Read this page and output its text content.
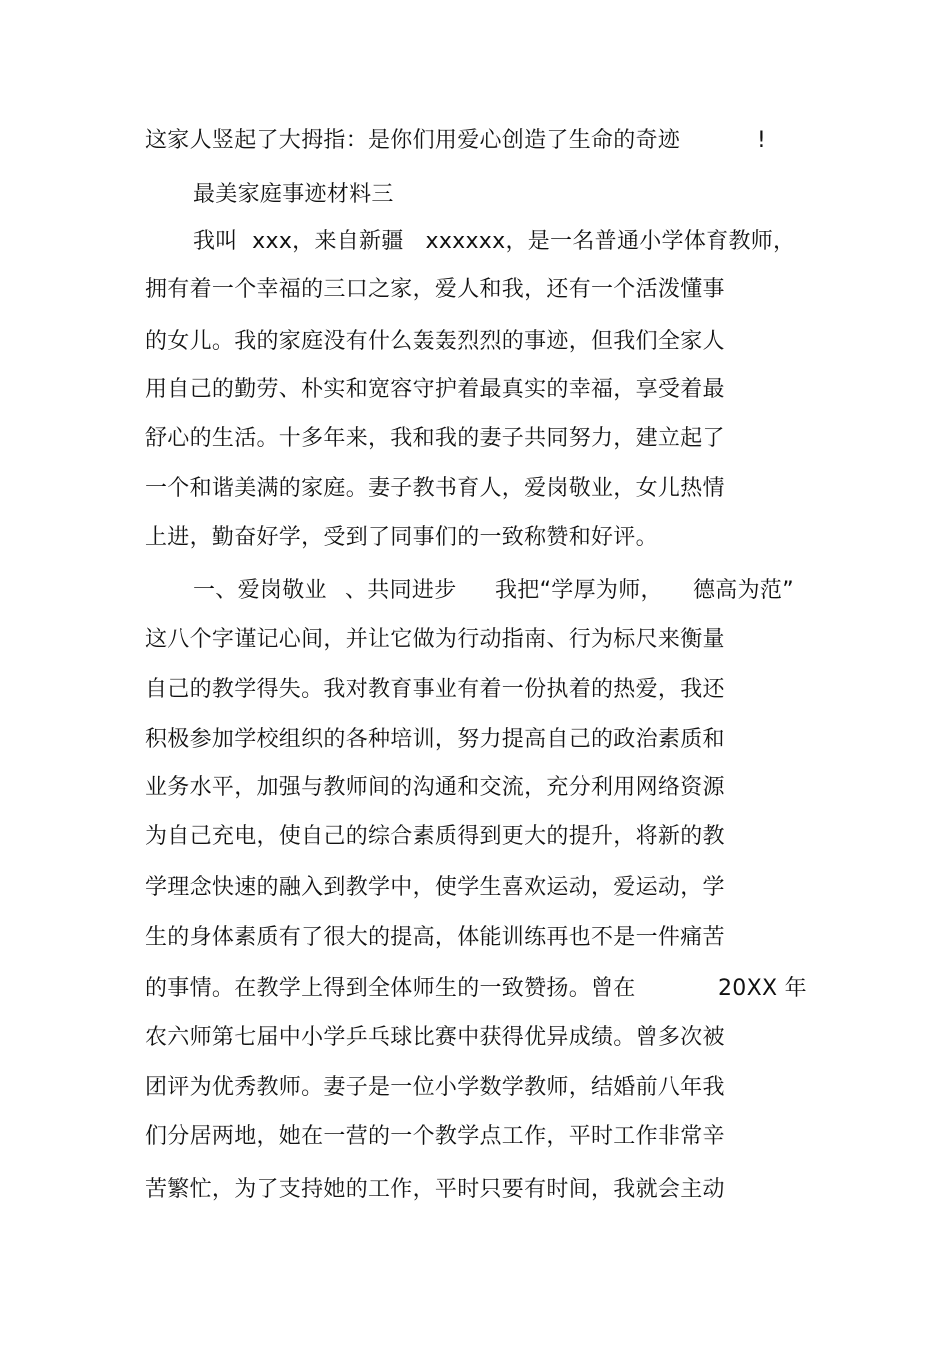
这家人竖起了大拇指：是你们用爱心创造了生命的奇迹

	!

最美家庭事迹材料三

我叫  xxx，来自新疆   xxxxxx，是一名普通小学体育教师，

拥有着一个幸福的三口之家，爱人和我，还有一个活泼懂事

的女儿。我的家庭没有什么轰轰烈烈的事迹，但我们全家人

用自己的勤劳、朴实和宽容守护着最真实的幸福，享受着最

舒心的生活。十多年来，我和我的妻子共同努力，建立起了

一个和谐美满的家庭。妻子教书育人，爱岗敬业，女儿热情

上进，勤奋好学，受到了同事们的一致称赞和好评。

一、爱岗敬业

、共同进步

我把“学厚为师，

德高为范”

这八个字谨记心间，并让它做为行动指南、行为标尺来衡量

自己的教学得失。我对教育事业有着一份执着的热爱，我还

积极参加学校组织的各种培训，努力提高自己的政治素质和

业务水平，加强与教师间的沟通和交流，充分利用网络资源

为自己充电，使自己的综合素质得到更大的提升，将新的教

学理念快速的融入到教学中，使学生喜欢运动，爱运动，学

生的身体素质有了很大的提高，体能训练再也不是一件痛苦

的事情。在教学上得到全体师生的一致赞扬。曾在

	20XX 年

农六师第七届中小学乒乓球比赛中获得优异成绩。曾多次被

团评为优秀教师。妻子是一位小学数学教师，结婚前八年我

们分居两地，她在一营的一个教学点工作，平时工作非常辛

苦繁忙，为了支持她的工作，平时只要有时间，我就会主动
